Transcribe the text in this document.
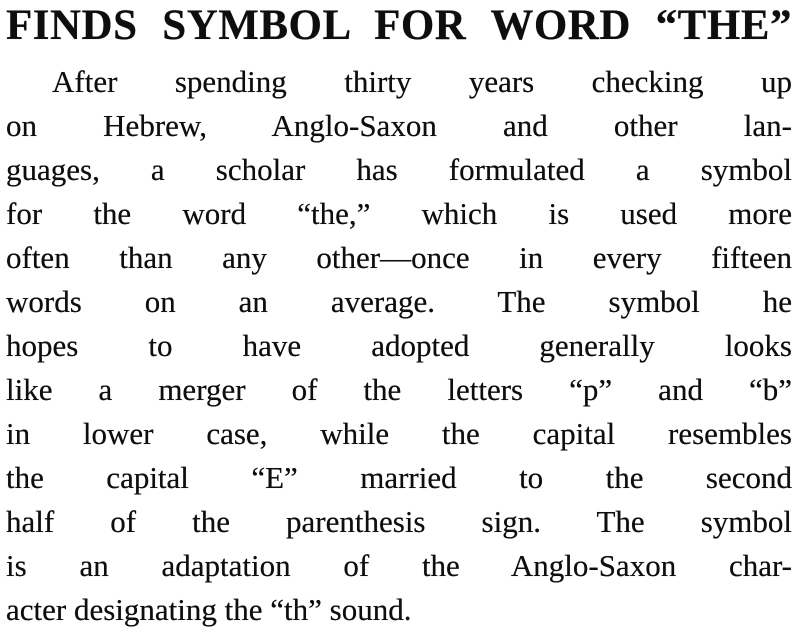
FINDS SYMBOL FOR WORD “THE”
After spending thirty years checking up
on Hebrew, Anglo-Saxon and other lan-
guages, a scholar has formulated a symbol
for the word “the,” which is used more
often than any other—once in every fifteen
words on an average. The symbol he
hopes to have adopted generally looks
like a merger of the letters “p” and “b”
in lower case, while the capital resembles
the capital “E” married to the second
half of the parenthesis sign. The symbol
is an adaptation of the Anglo-Saxon char-
acter designating the “th” sound.
